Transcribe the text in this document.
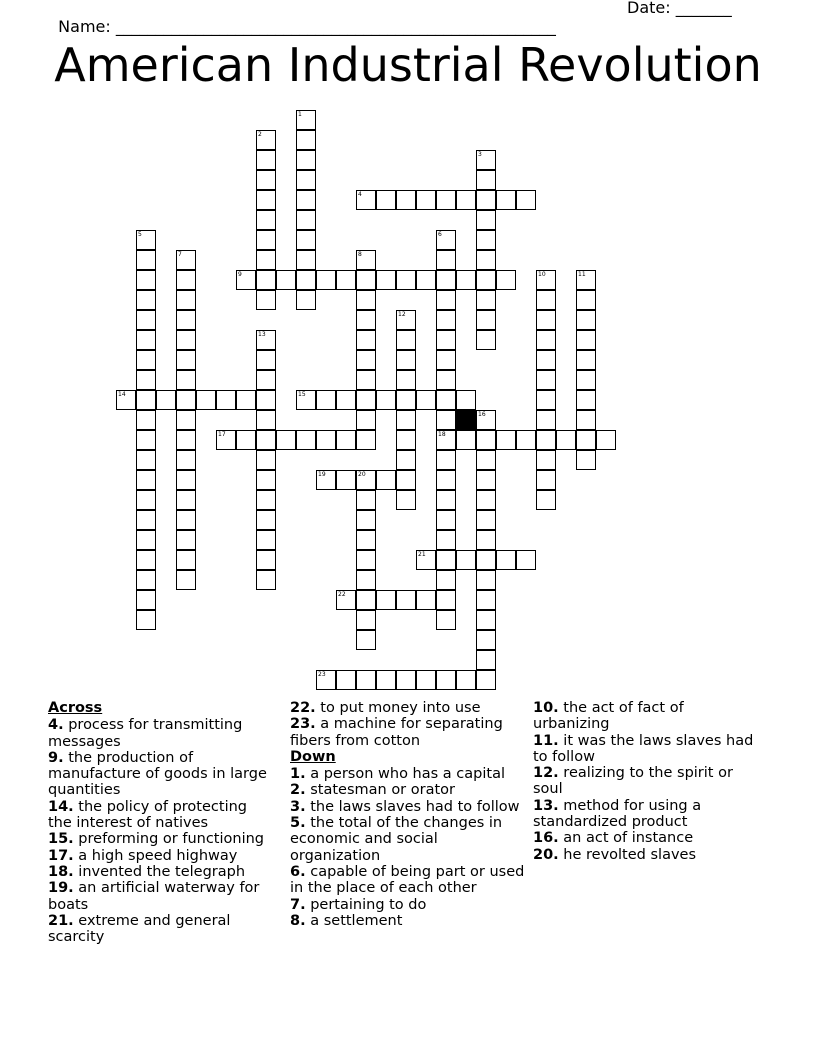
Name: _______________________________________________________

Date: _______

American Industrial Revolution
1
2
3
4
5	6
18
7	8
9	10	11
12
13
14	15
16
17
19	20
21
22
23
Across
4. process for transmitting messages
9. the production of manufacture of goods in large quantities
14. the policy of protecting the interest of natives
15. preforming or functioning
17. a high speed highway
18. invented the telegraph
19. an artificial waterway for boats
21. extreme and general scarcity
22. to put money into use
23. a machine for separating fibers from cotton
Down
1. a person who has a capital
2. statesman or orator
3. the laws slaves had to follow
5. the total of the changes in economic and social organization
6. capable of being part or used in the place of each other
7. pertaining to do
8. a settlement
10. the act of fact of urbanizing
11. it was the laws slaves had to follow
12. realizing to the spirit or soul
13. method for using a standardized product
16. an act of instance
20. he revolted slaves
